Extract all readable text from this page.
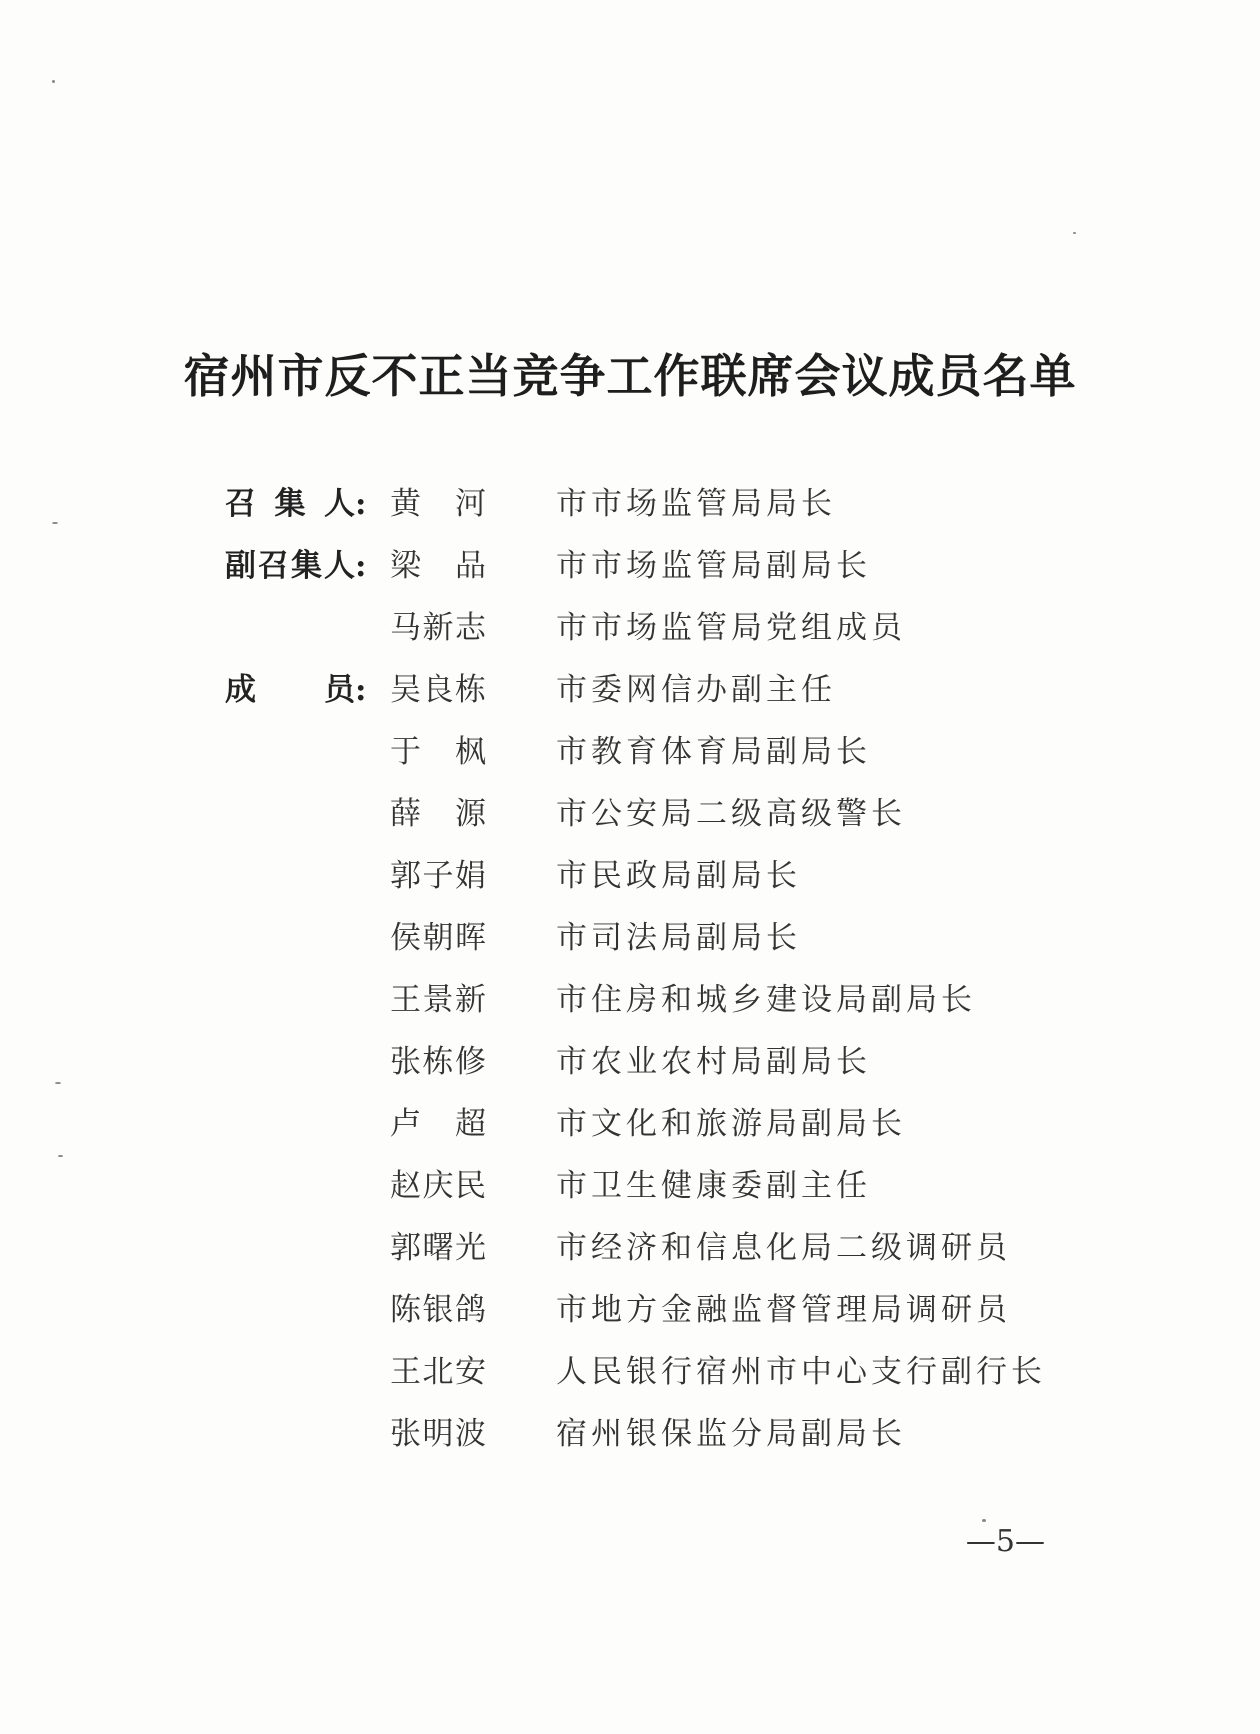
宿州市反不正当竞争工作联席会议成员名单
召集人: 黄 河 市市场监管局局长
副召集人: 梁 品 市市场监管局副局长
马新志 市市场监管局党组成员
成员: 吴良栋 市委网信办副主任
于 枫 市教育体育局副局长
薛 源 市公安局二级高级警长
郭子娟 市民政局副局长
侯朝晖 市司法局副局长
王景新 市住房和城乡建设局副局长
张栋修 市农业农村局副局长
卢 超 市文化和旅游局副局长
赵庆民 市卫生健康委副主任
郭曙光 市经济和信息化局二级调研员
陈银鸽 市地方金融监督管理局调研员
王北安 人民银行宿州市中心支行副行长
张明波 宿州银保监分局副局长
—5—
